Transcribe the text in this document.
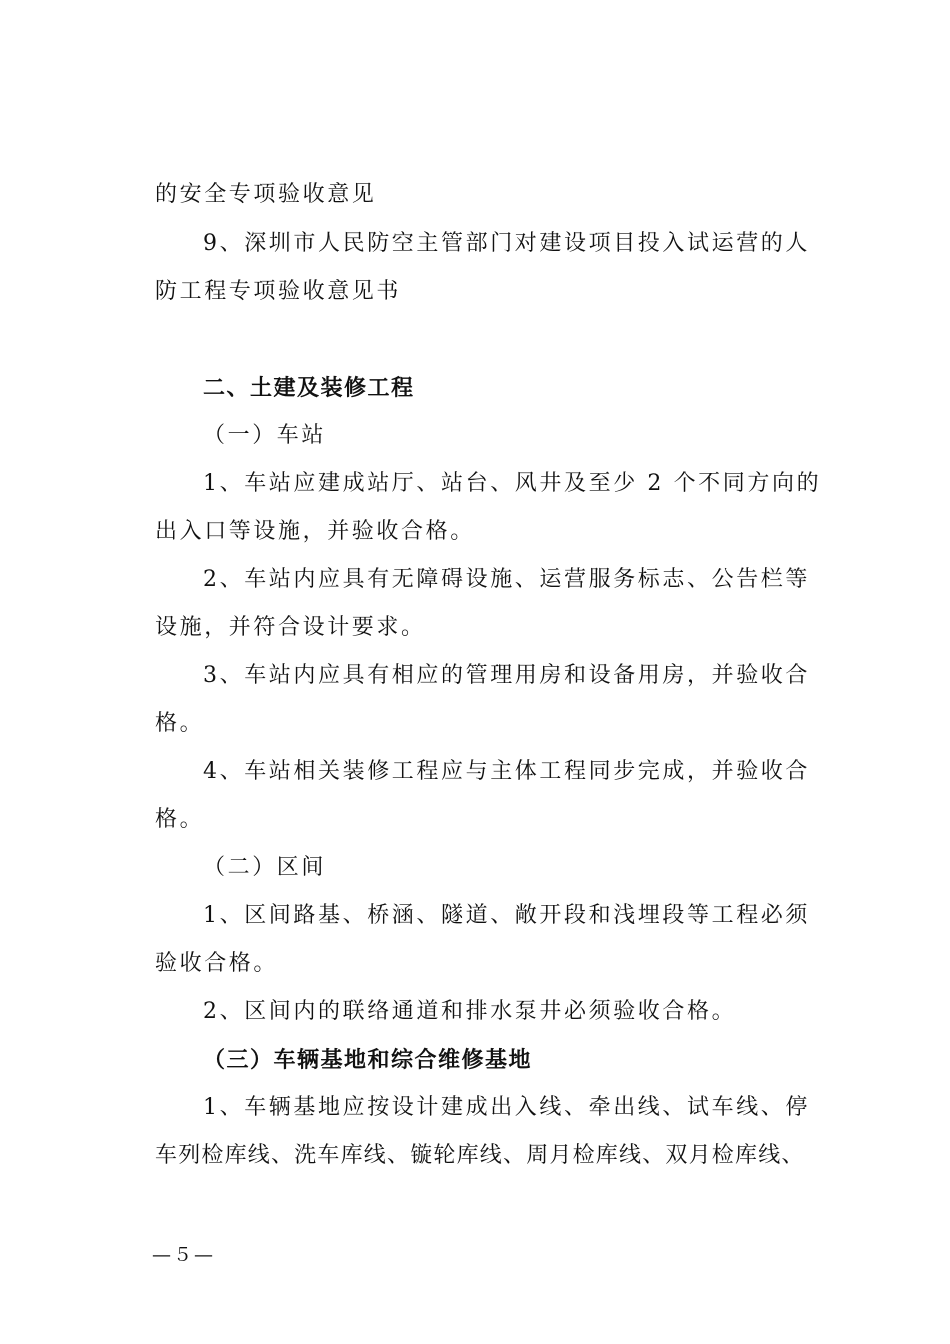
的安全专项验收意见
9、深圳市人民防空主管部门对建设项目投入试运营的人
防工程专项验收意见书
二、土建及装修工程
（一）车站
1、车站应建成站厅、站台、风井及至少 2 个不同方向的
出入口等设施，并验收合格。
2、车站内应具有无障碍设施、运营服务标志、公告栏等
设施，并符合设计要求。
3、车站内应具有相应的管理用房和设备用房，并验收合
格。
4、车站相关装修工程应与主体工程同步完成，并验收合
格。
（二）区间
1、区间路基、桥涵、隧道、敞开段和浅埋段等工程必须
验收合格。
2、区间内的联络通道和排水泵井必须验收合格。
（三）车辆基地和综合维修基地
1、车辆基地应按设计建成出入线、牵出线、试车线、停
车列检库线、洗车库线、镟轮库线、周月检库线、双月检库线、
—５—
